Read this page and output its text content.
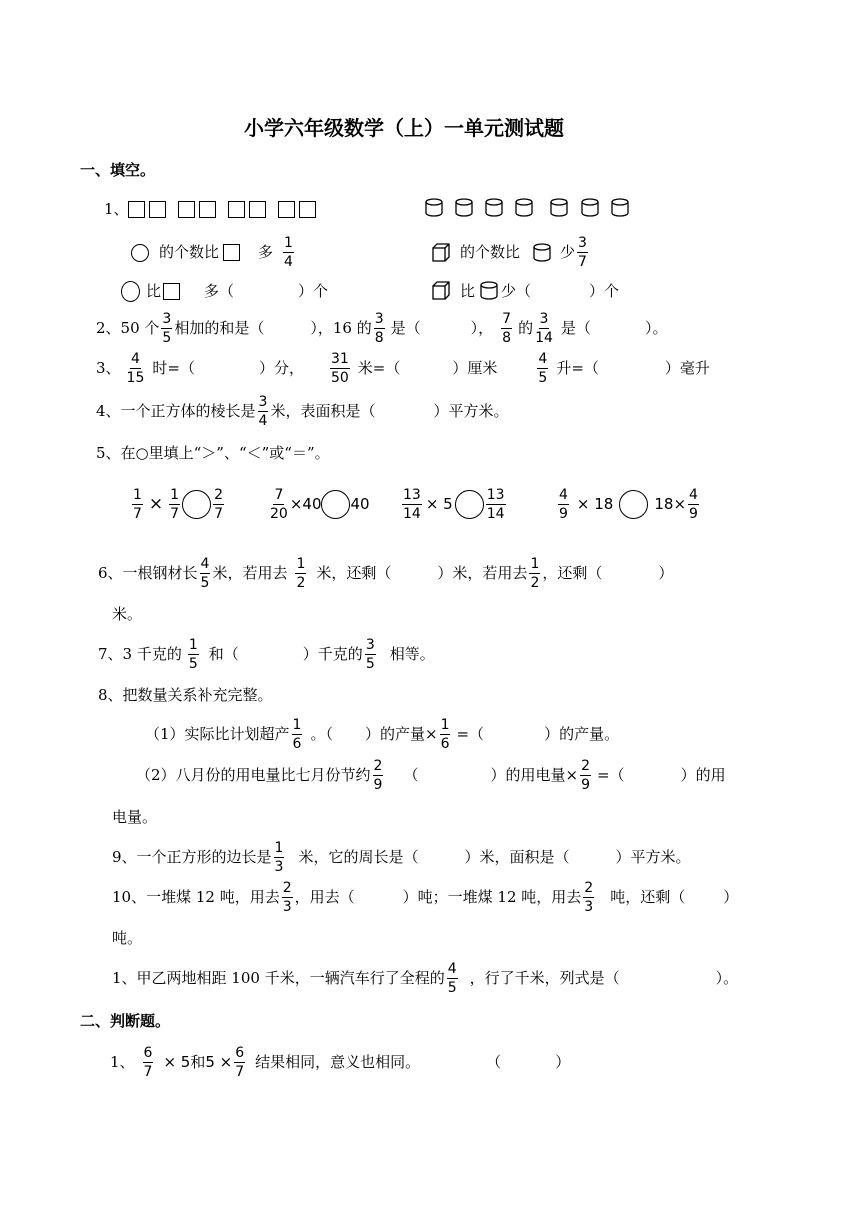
小学六年级数学（上）一单元测试题
一、填空。
1、
的个数比	多 $\frac{1}{4}$	的个数比	少 $\frac{3}{7}$
比	多（	）个	比 少（	）个
2、50 个 $\frac{3}{5}$ 相加的和是（	），16 的 $\frac{3}{8}$ 是（	）， $\frac{7}{8}$ 的 $\frac{3}{14}$ 是（	）。
3、 $\frac{4}{15}$ 时=（	）分， $\frac{31}{50}$ 米=（	）厘米	$\frac{4}{5}$ 升=（	）毫升
4、一个正方体的棱长是 $\frac{3}{4}$ 米，表面积是（	）平方米。
5、在○里填上“＞”、“＜”或“＝”。
$\frac{1}{7} \times \frac{1}{7} \frac{2}{7}$	$\frac{7}{20} \times 40$ $40 \frac{13}{14} \times 5 \frac{13}{14}$	$\frac{4}{9} \times 18$	$18\times \frac{4}{9}$
6、一根钢材长 $\frac{4}{5}$ 米，若用去 $\frac{1}{2}$ 米，还剩（	）米，若用去 $\frac{1}{2}$ ，还剩（	）
米。
7、3 千克的 $\frac{1}{5}$ 和（	）千克的 $\frac{3}{5}$ 相等。
8、把数量关系补充完整。
（1）实际比计划超产 $\frac{1}{6}$ 。（ ）的产量× $\frac{1}{6}$ =（	）的产量。
（2）八月份的用电量比七月份节约 $\frac{2}{9}$ （	）的用电量× $\frac{2}{9}$ =（	）的用
电量。
9、一个正方形的边长是 $\frac{1}{3}$ 米，它的周长是（	）米，面积是（	）平方米。
10、一堆煤 12 吨，用去 $\frac{2}{3}$ ，用去（	）吨；一堆煤 12 吨，用去 $\frac{2}{3}$ 吨，还剩（	）
吨。
1、甲乙两地相距 100 千米，一辆汽车行了全程的 $\frac{4}{5}$ ，行了千米，列式是（	）。
二、判断题。
1、 $\frac{6}{7} \times 5$和$5 \times \frac{6}{7}$ 结果相同，意义也相同。	（	）
